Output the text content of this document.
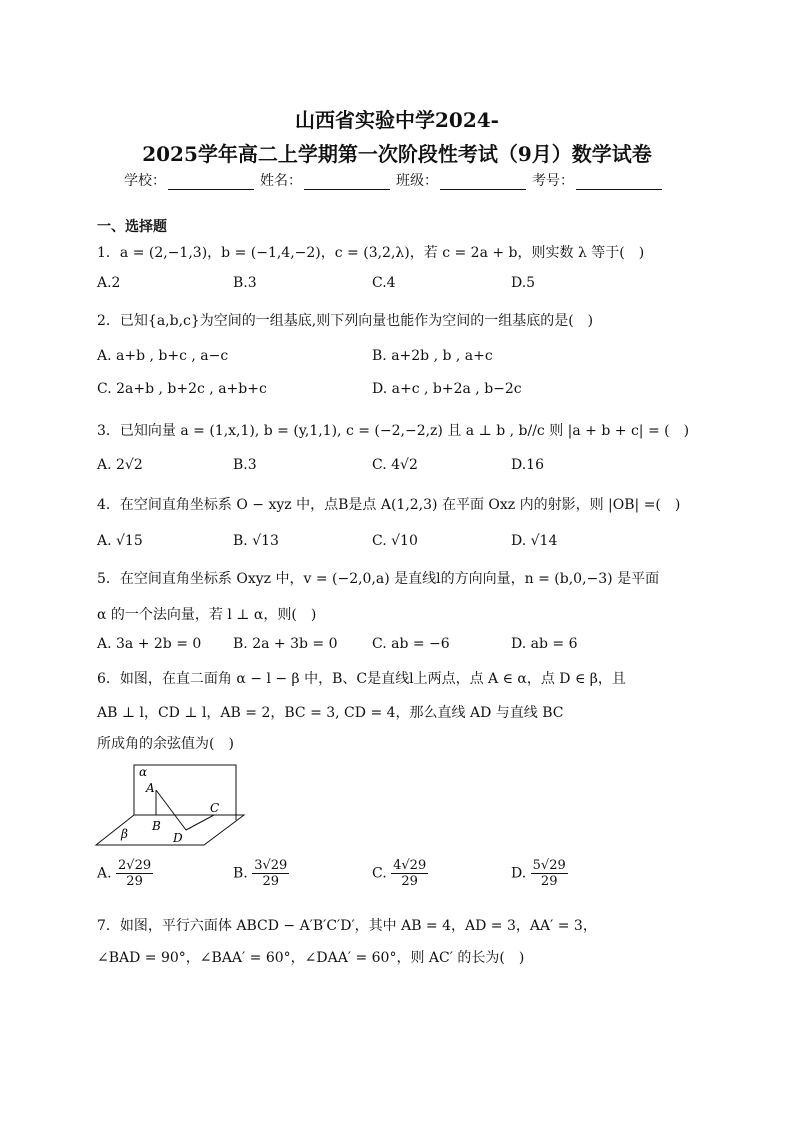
山西省实验中学2024-
2025学年高二上学期第一次阶段性考试（9月）数学试卷
学校：	姓名：	班级：	考号：
一、选择题
1．a = (2,−1,3)，b = (−1,4,−2)，c = (3,2,λ)，若 c = 2a + b，则实数 λ 等于(　)
A.2	B.3	C.4	D.5
2．已知{a,b,c}为空间的一组基底,则下列向量也能作为空间的一组基底的是(　)
A. a+b , b+c , a−c	B. a+2b , b , a+c
C. 2a+b , b+2c , a+b+c	D. a+c , b+2a , b−2c
3．已知向量 a = (1,x,1), b = (y,1,1), c = (−2,−2,z) 且 a ⊥ b , b//c 则 |a + b + c| = (　)
A. 2√2	B.3	C. 4√2	D.16
4．在空间直角坐标系 O − xyz 中，点B是点 A(1,2,3) 在平面 Oxz 内的射影，则 |OB| =(　)
A. √15	B. √13	C. √10	D. √14
5．在空间直角坐标系 Oxyz 中，v = (−2,0,a) 是直线l的方向向量，n = (b,0,−3) 是平面
α 的一个法向量，若 l ⊥ α，则(　)
A. 3a + 2b = 0 B. 2a + 3b = 0 C. ab = −6	D. ab = 6
6．如图，在直二面角 α − l − β 中，B、C是直线l上两点，点 A ∈ α，点 D ∈ β，且
AB ⊥ l，CD ⊥ l，AB = 2，BC = 3, CD = 4，那么直线 AD 与直线 BC
所成角的余弦值为(　)
α
A
C
B
β	D
A. $\frac{2√29}{29}$	B. $\frac{3√29}{29}$	C. $\frac{4√29}{29}$	D. $\frac{5√29}{29}$
7．如图，平行六面体 ABCD − A′B′C′D′，其中 AB = 4，AD = 3，AA′ = 3，
∠BAD = 90°，∠BAA′ = 60°，∠DAA′ = 60°，则 AC′ 的长为(　)
